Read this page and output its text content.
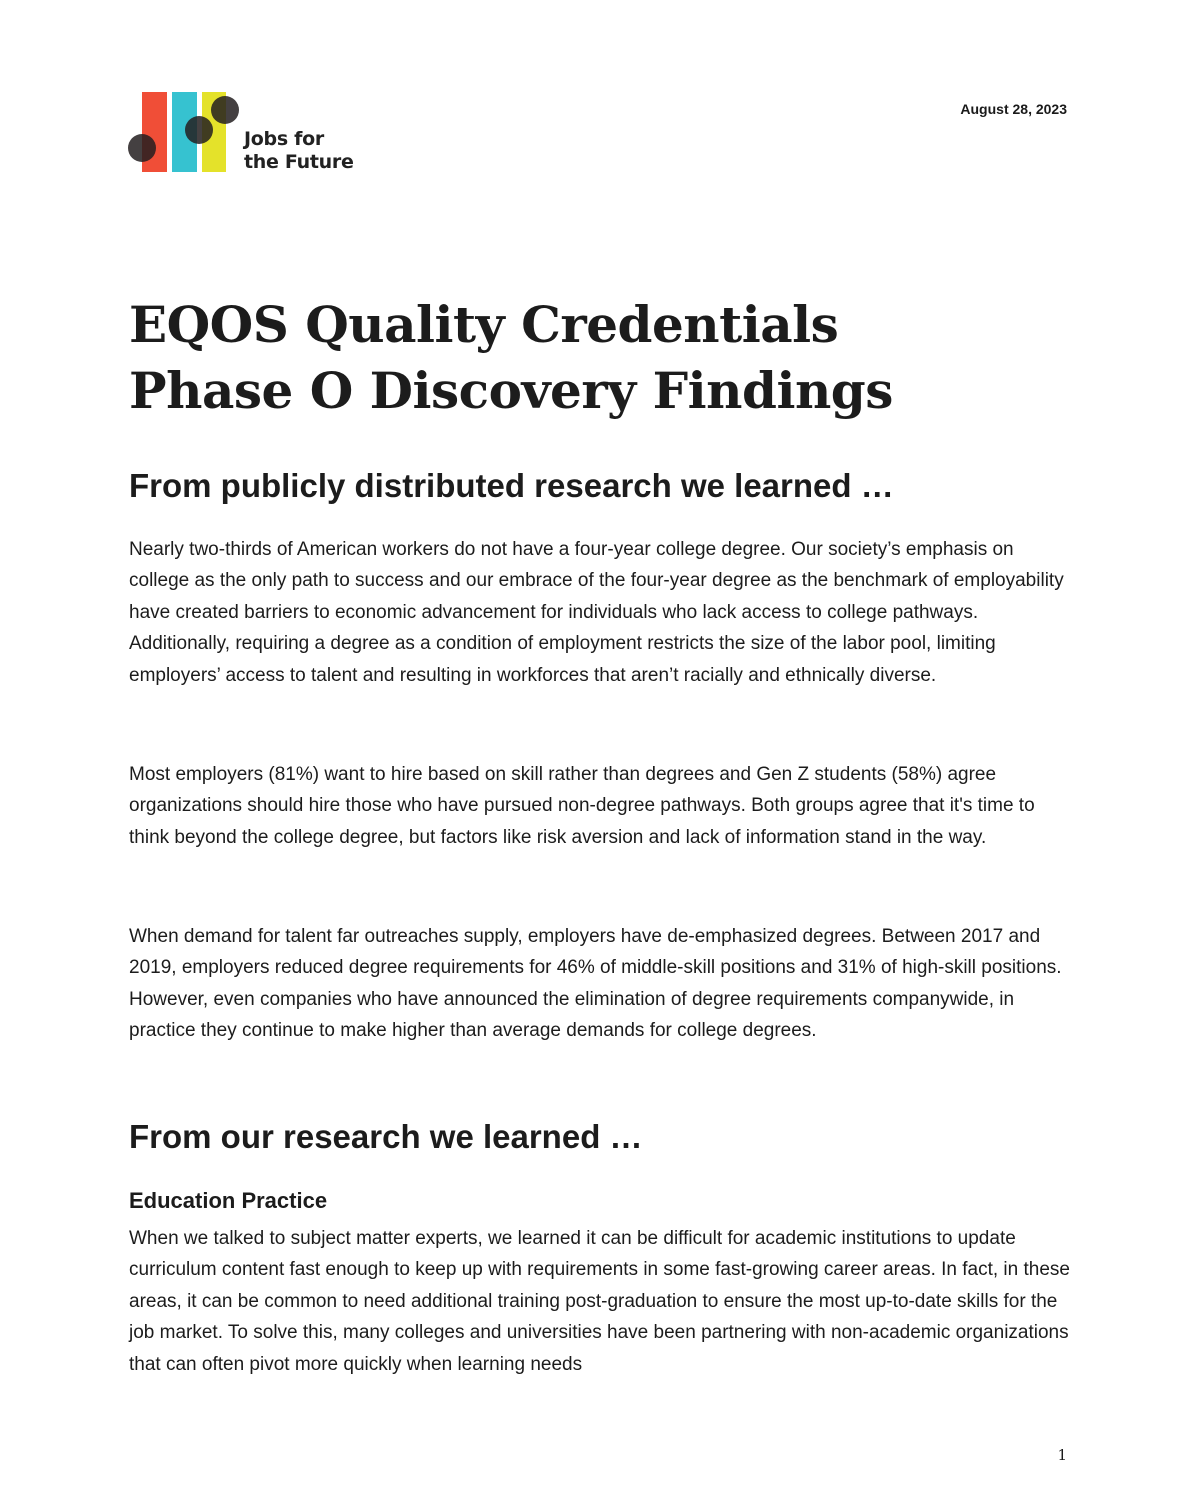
Jobs for
the Future
August 28, 2023
EQOS Quality Credentials
Phase O Discovery Findings
From publicly distributed research we learned …

Nearly two-thirds of American workers do not have a four-year college degree. Our society’s emphasis on college as the only path to success and our embrace of the four-year degree as the benchmark of employability have created barriers to economic advancement for individuals who lack access to college pathways. Additionally, requiring a degree as a condition of employment restricts the size of the labor pool, limiting employers’ access to talent and resulting in workforces that aren’t racially and ethnically diverse.

Most employers (81%) want to hire based on skill rather than degrees and Gen Z students (58%) agree organizations should hire those who have pursued non-degree pathways. Both groups agree that it's time to think beyond the college degree, but factors like risk aversion and lack of information stand in the way.

When demand for talent far outreaches supply, employers have de-emphasized degrees. Between 2017 and 2019, employers reduced degree requirements for 46% of middle-skill positions and 31% of high-skill positions. However, even companies who have announced the elimination of degree requirements companywide, in practice they continue to make higher than average demands for college degrees.

From our research we learned …
Education Practice

When we talked to subject matter experts, we learned it can be difficult for academic institutions to update curriculum content fast enough to keep up with requirements in some fast-growing career areas. In fact, in these areas, it can be common to need additional training post-graduation to ensure the most up-to-date skills for the job market. To solve this, many colleges and universities have been partnering with non-academic organizations that can often pivot more quickly when learning needs

1
